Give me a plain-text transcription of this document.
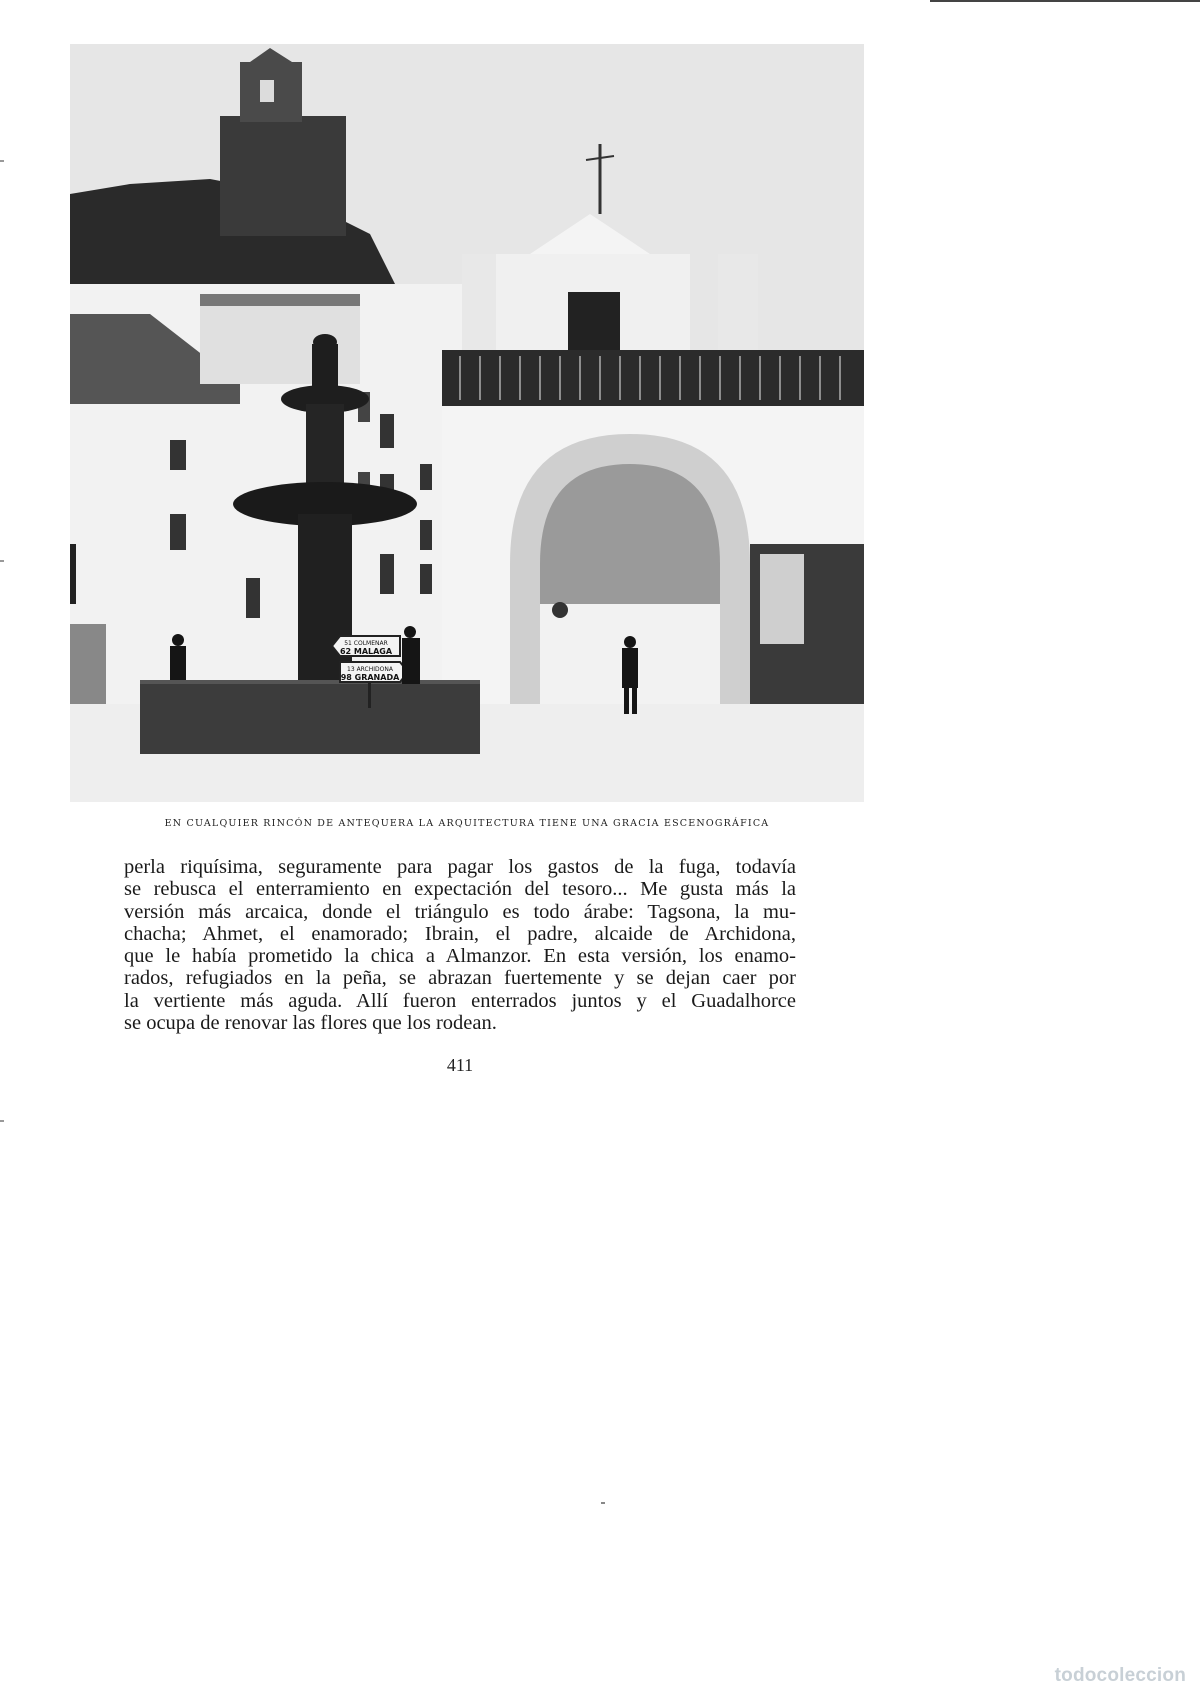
51 COLMENAR
62 MALAGA
13 ARCHIDONA
98 GRANADA
EN CUALQUIER RINCÓN DE ANTEQUERA LA ARQUITECTURA TIENE UNA GRACIA ESCENOGRÁFICA
perla riquísima, seguramente para pagar los gastos de la fuga, todavía
se rebusca el enterramiento en expectación del tesoro... Me gusta más la
versión más arcaica, donde el triángulo es todo árabe: Tagsona, la mu-
chacha; Ahmet, el enamorado; Ibrain, el padre, alcaide de Archidona,
que le había prometido la chica a Almanzor. En esta versión, los enamo-
rados, refugiados en la peña, se abrazan fuertemente y se dejan caer por
la vertiente más aguda. Allí fueron enterrados juntos y el Guadalhorce
se ocupa de renovar las flores que los rodean.
411
todocoleccion
